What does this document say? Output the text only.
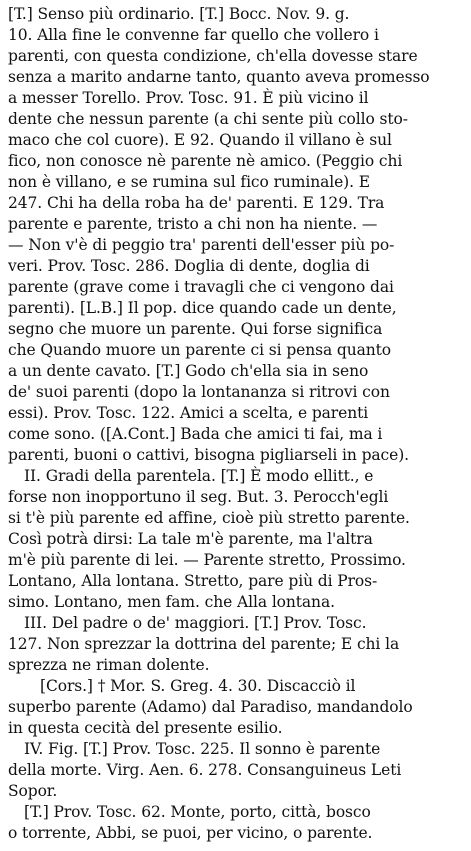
[T.] Senso più ordinario. [T.] Bocc. Nov. 9. g.
10. Alla fine le convenne far quello che vollero i
parenti, con questa condizione, ch'ella dovesse stare
senza a marito andarne tanto, quanto aveva promesso
a messer Torello. Prov. Tosc. 91. È più vicino il
dente che nessun parente (a chi sente più collo sto-
maco che col cuore). E 92. Quando il villano è sul
fico, non conosce nè parente nè amico. (Peggio chi
non è villano, e se rumina sul fico ruminale). E
247. Chi ha della roba ha de' parenti. E 129. Tra
parente e parente, tristo a chi non ha niente. —
— Non v'è di peggio tra' parenti dell'esser più po-
veri. Prov. Tosc. 286. Doglia di dente, doglia di
parente (grave come i travagli che ci vengono dai
parenti). [L.B.] Il pop. dice quando cade un dente,
segno che muore un parente. Qui forse significa
che Quando muore un parente ci si pensa quanto
a un dente cavato. [T.] Godo ch'ella sia in seno
de' suoi parenti (dopo la lontananza si ritrovi con
essi). Prov. Tosc. 122. Amici a scelta, e parenti
come sono. ([A.Cont.] Bada che amici ti fai, ma i
parenti, buoni o cattivi, bisogna pigliarseli in pace).
II. Gradi della parentela. [T.] È modo ellitt., e
forse non inopportuno il seg. But. 3. Perocch'egli
si t'è più parente ed affine, cioè più stretto parente.
Così potrà dirsi: La tale m'è parente, ma l'altra
m'è più parente di lei. — Parente stretto, Prossimo.
Lontano, Alla lontana. Stretto, pare più di Pros-
simo. Lontano, men fam. che Alla lontana.
III. Del padre o de' maggiori. [T.] Prov. Tosc.
127. Non sprezzar la dottrina del parente; E chi la
sprezza ne riman dolente.
[Cors.] † Mor. S. Greg. 4. 30. Discacciò il
superbo parente (Adamo) dal Paradiso, mandandolo
in questa cecità del presente esilio.
IV. Fig. [T.] Prov. Tosc. 225. Il sonno è parente
della morte. Virg. Aen. 6. 278. Consanguineus Leti
Sopor.
[T.] Prov. Tosc. 62. Monte, porto, città, bosco
o torrente, Abbi, se puoi, per vicino, o parente.
